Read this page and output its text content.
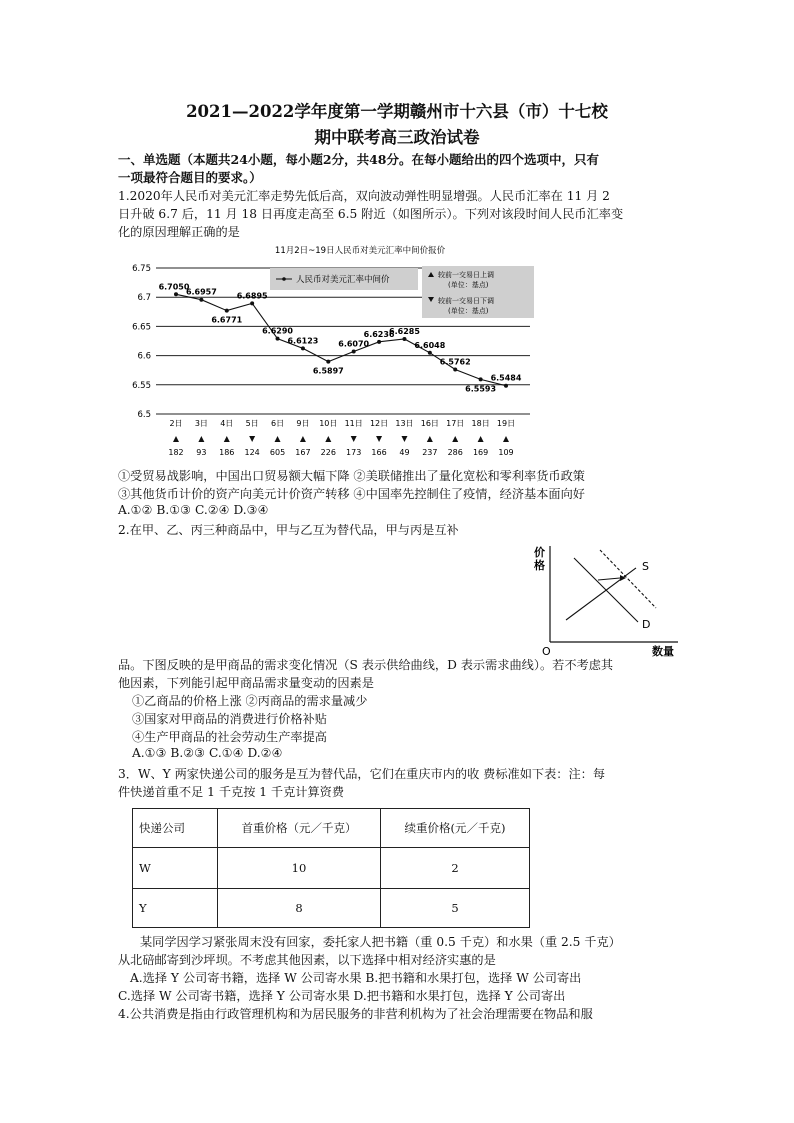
2021—2022学年度第一学期赣州市十六县（市）十七校
期中联考高三政治试卷
一、单选题（本题共24小题，每小题2分，共48分。在每小题给出的四个选项中，只有
一项最符合题目的要求。）
1.2020年人民币对美元汇率走势先低后高，双向波动弹性明显增强。人民币汇率在 11 月 2
日升破 6.7 后，11 月 18 日再度走高至 6.5 附近（如图所示）。下列对该段时间人民币汇率变
化的原因理解正确的是
11月2日~19日人民币对美元汇率中间价报价
6.5
6.55
6.6
6.65
6.7
6.75
人民币对美元汇率中间价	较前一交易日上调
(单位：基点)
较前一交易日下调
(单位：基点)
6.7050
6.6957
6.6771
6.6895
6.6290
6.6123
6.5897
6.6070
6.6236
6.6285
6.6048
6.5762
6.5593
6.5484
2日 3日 4日 5日 6日 9日 10日 11日 12日 13日 16日 17日 18日 19日
182 93 186 124 605 167 226 173 166 49 237 286 169 109
①受贸易战影响，中国出口贸易额大幅下降 ②美联储推出了量化宽松和零利率货币政策
③其他货币计价的资产向美元计价资产转移 ④中国率先控制住了疫情，经济基本面向好
A.①② B.①③ C.②④ D.③④
2.在甲、乙、丙三种商品中，甲与乙互为替代品，甲与丙是互补
价
格
数量
O
S
D
品。下图反映的是甲商品的需求变化情况（S 表示供给曲线，D 表示需求曲线）。若不考虑其
他因素，下列能引起甲商品需求量变动的因素是
①乙商品的价格上涨 ②丙商品的需求量减少
③国家对甲商品的消费进行价格补贴
④生产甲商品的社会劳动生产率提高
A.①③ B.②③ C.①④ D.②④
3．W、Y 两家快递公司的服务是互为替代品，它们在重庆市内的收 费标准如下表：注：每
件快递首重不足 1 千克按 1 千克计算资费
快递公司	首重价格（元／千克）	续重价格(元／千克)
W	10	2
Y	8	5
某同学因学习紧张周末没有回家，委托家人把书籍（重 0.5 千克）和水果（重 2.5 千克）
从北碚邮寄到沙坪坝。不考虑其他因素，以下选择中相对经济实惠的是
A.选择 Y 公司寄书籍，选择 W 公司寄水果 B.把书籍和水果打包，选择 W 公司寄出
C.选择 W 公司寄书籍，选择 Y 公司寄水果 D.把书籍和水果打包，选择 Y 公司寄出
4.公共消费是指由行政管理机构和为居民服务的非营利机构为了社会治理需要在物品和服
